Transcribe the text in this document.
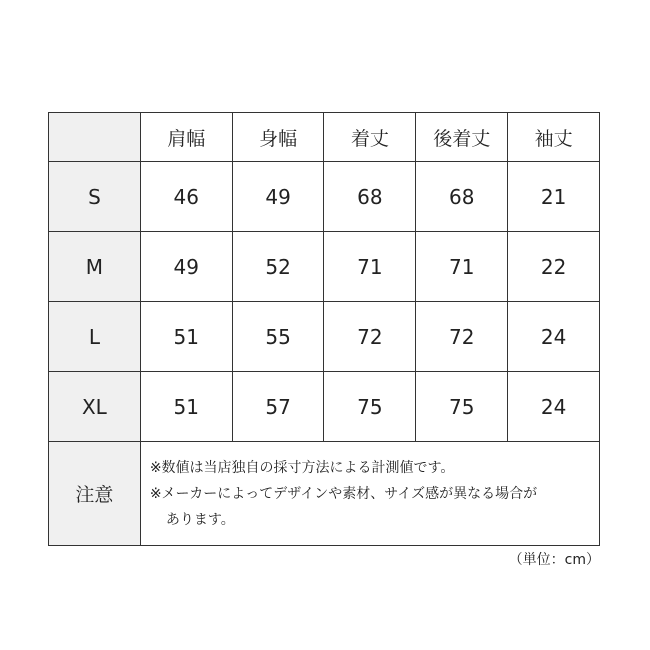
	肩幅	身幅	着丈	後着丈	袖丈
S	46	49	68	68	21
M	49	52	71	71	22
L	51	55	72	72	24
XL	51	57	75	75	24
注意	※数値は当店独自の採寸方法による計測値です。
※メーカーによってデザインや素材、サイズ感が異なる場合が
あります。				
（単位：cm）
